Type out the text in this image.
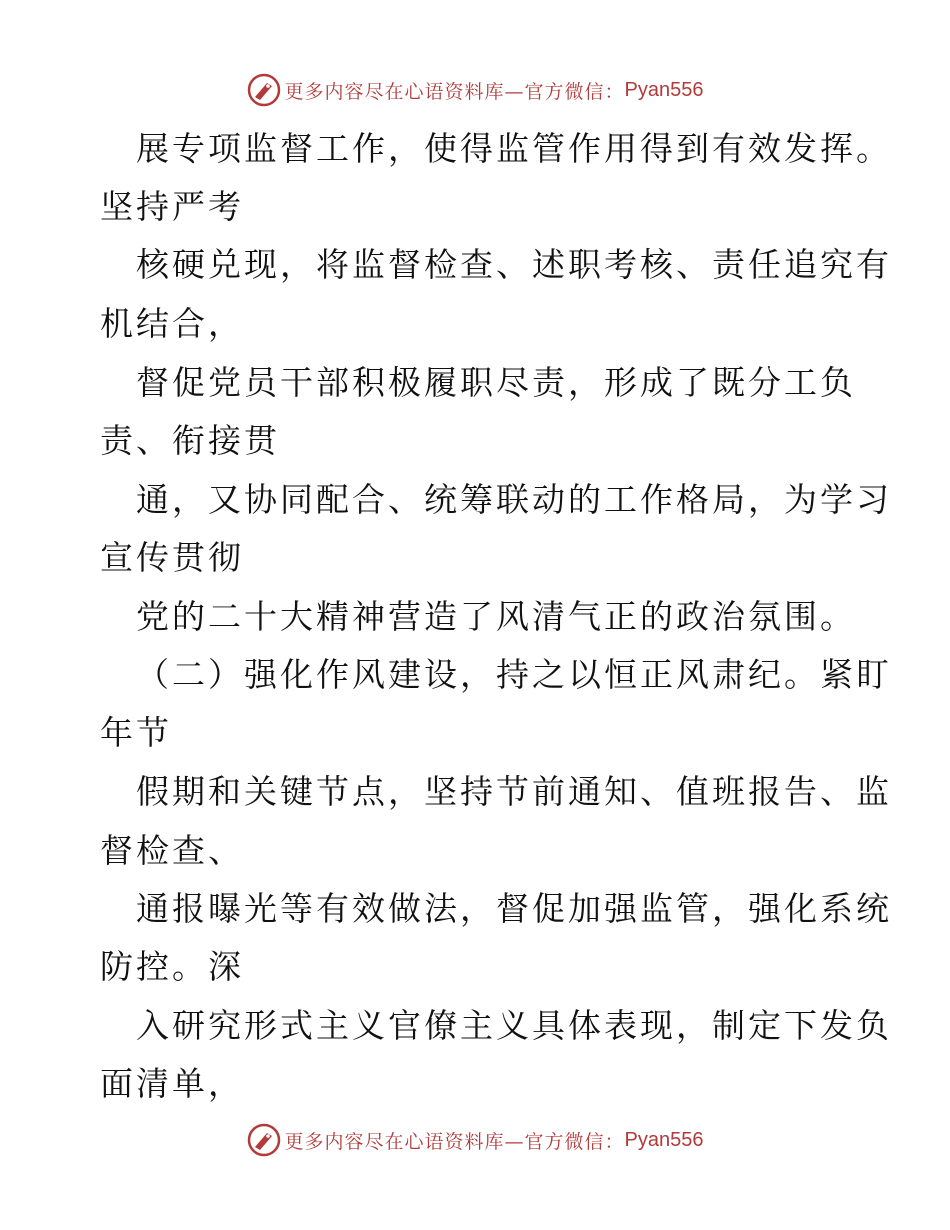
更多内容尽在心语资料库—官方微信： Pyan556
展专项监督工作，使得监管作用得到有效发挥。
坚持严考
核硬兑现，将监督检查、述职考核、责任追究有
机结合，
督促党员干部积极履职尽责，形成了既分工负
责、衔接贯
通，又协同配合、统筹联动的工作格局，为学习
宣传贯彻
党的二十大精神营造了风清气正的政治氛围。
（二）强化作风建设，持之以恒正风肃纪。紧盯
年节
假期和关键节点，坚持节前通知、值班报告、监
督检查、
通报曝光等有效做法，督促加强监管，强化系统
防控。深
入研究形式主义官僚主义具体表现，制定下发负
面清单，
更多内容尽在心语资料库—官方微信： Pyan556
